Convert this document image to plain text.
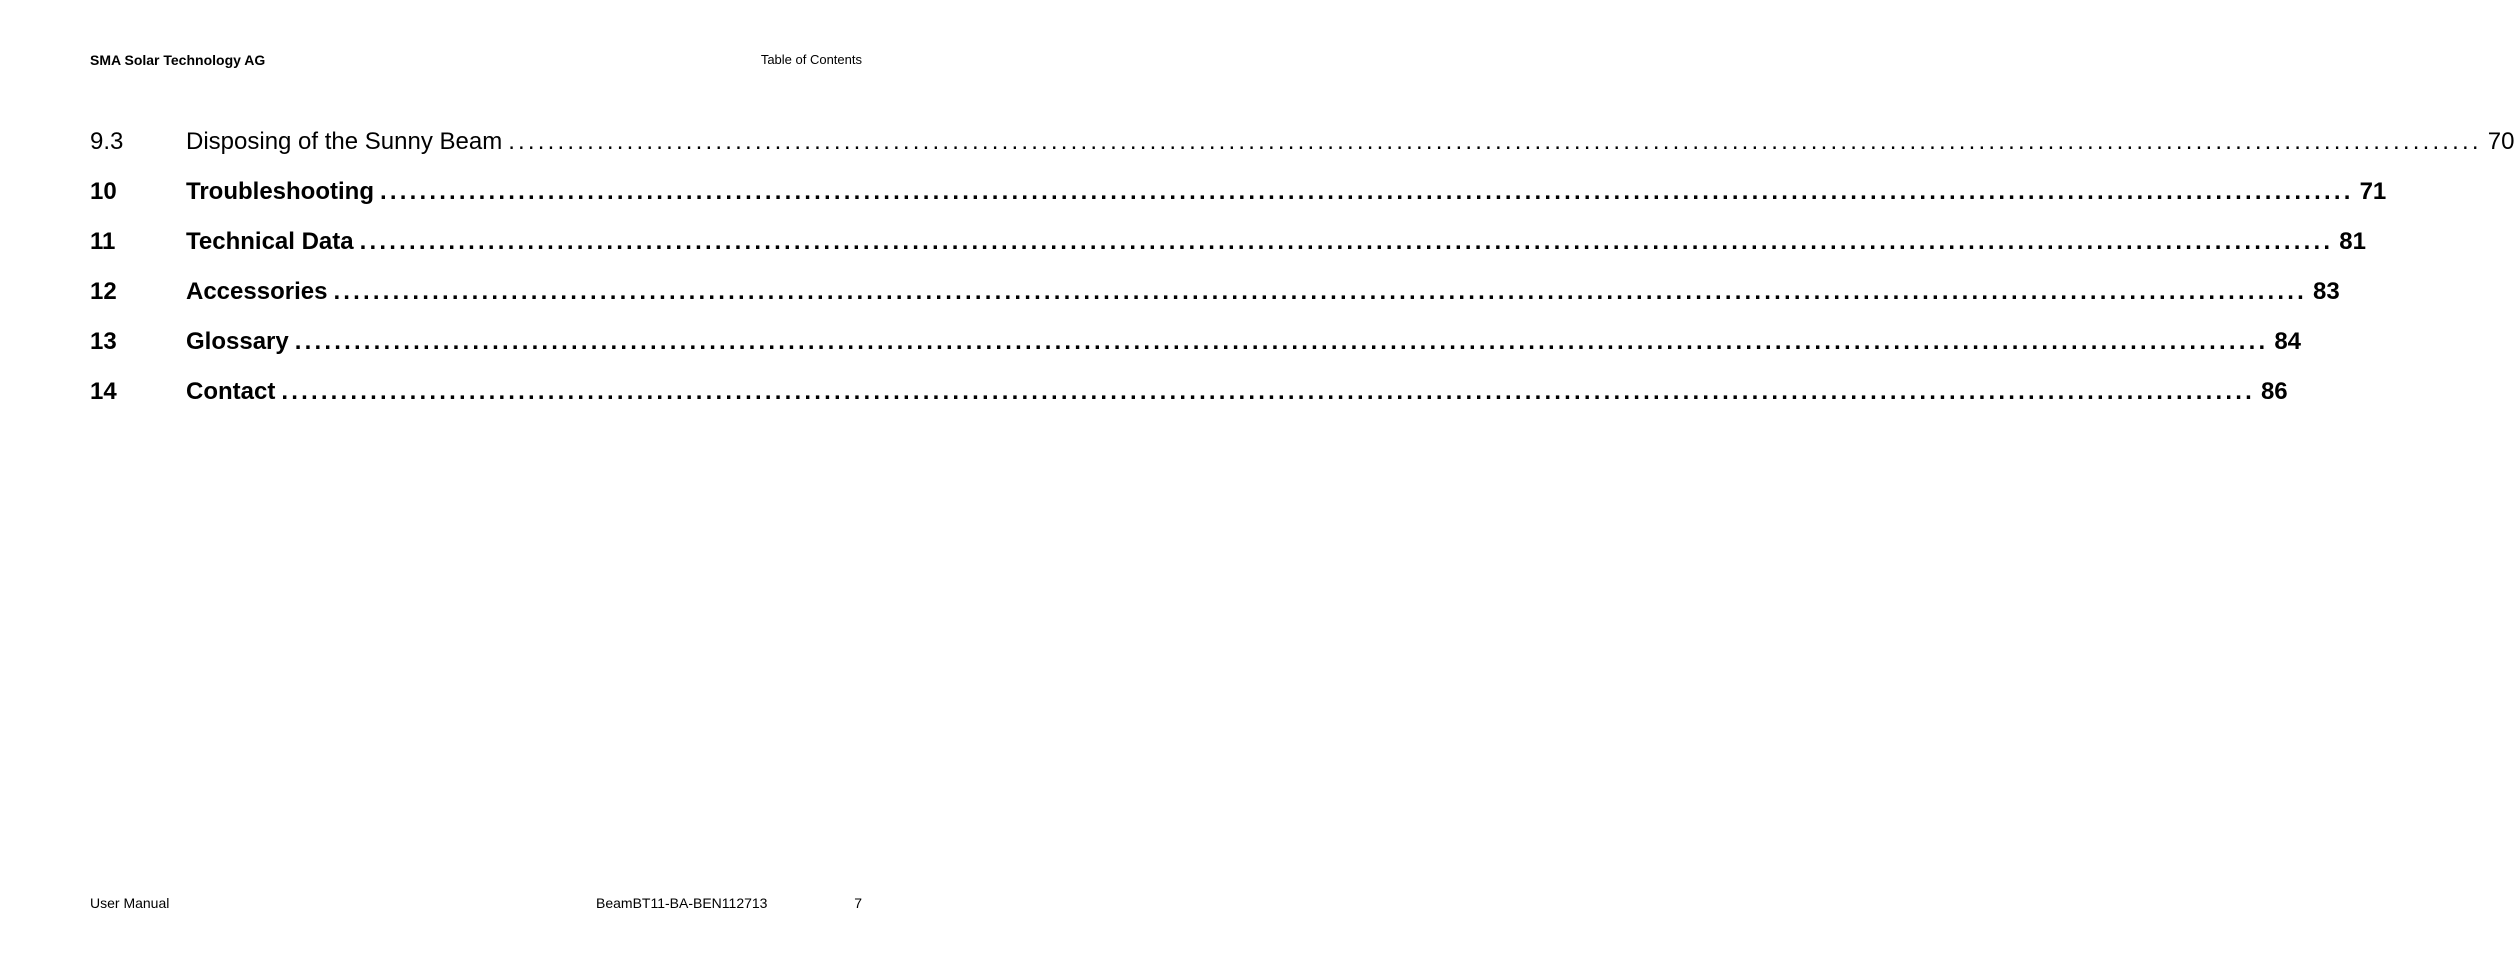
SMA Solar Technology AG	Table of Contents
9.3	Disposing of the Sunny Beam ........................................................................................................................................................................................................ 70
10	Troubleshooting ........................................................................................................................................................................................................ 71
11	Technical Data ........................................................................................................................................................................................................ 81
12	Accessories ........................................................................................................................................................................................................ 83
13	Glossary ........................................................................................................................................................................................................ 84
14	Contact ........................................................................................................................................................................................................ 86
User Manual	BeamBT11-BA-BEN112713	7
